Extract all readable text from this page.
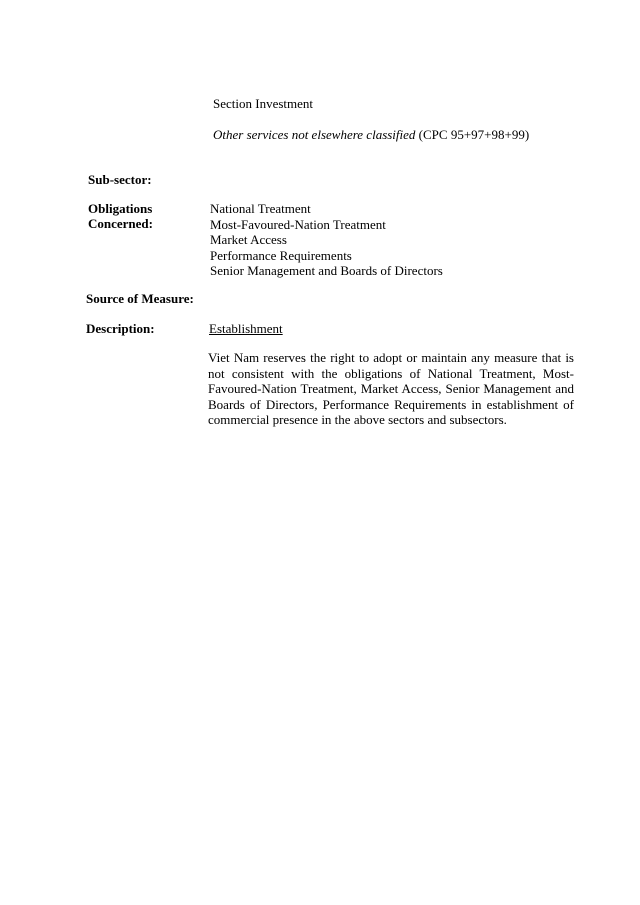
Section Investment

Other services not elsewhere classified (CPC 95+97+98+99)

Sub-sector:

Obligations

Concerned:

National Treatment
Most-Favoured-Nation Treatment
Market Access
Performance Requirements
Senior Management and Boards of Directors

Source of Measure:

Description:	Establishment

Viet Nam reserves the right to adopt or maintain any measure that is not consistent with the obligations of National Treatment, Most-Favoured-Nation Treatment, Market Access, Senior Management and Boards of Directors, Performance Requirements in establishment of commercial presence in the above sectors and subsectors.
